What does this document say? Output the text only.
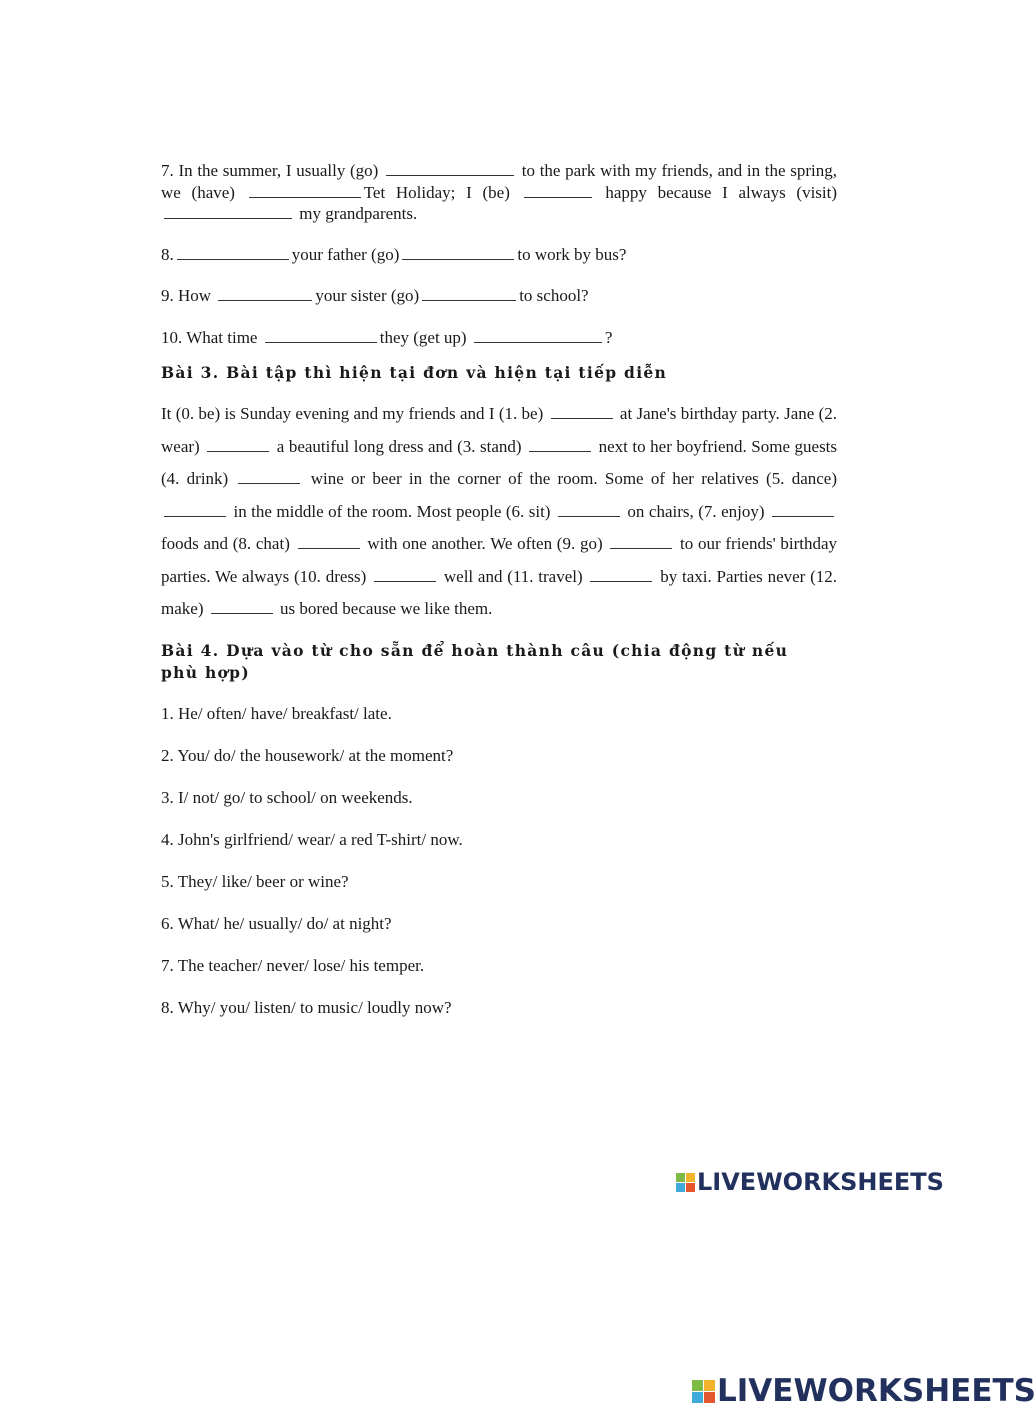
7. In the summer, I usually (go)	to the park with my friends, and in the spring, we (have)	Tet Holiday; I (be)	happy because I always (visit)  my grandparents.

8.	your father (go)	to work by bus?

9. How	your sister (go)	to school?

10. What time	they (get up)	?

Bài 3. Bài tập thì hiện tại đơn và hiện tại tiếp diễn

It (0. be) is Sunday evening and my friends and I (1. be)	at Jane's birthday party. Jane (2. wear)	a beautiful long dress and (3. stand)	next to her boyfriend. Some guests (4. drink)	wine or beer in the corner of the room. Some of her relatives (5. dance)  in the middle of the room. Most people (6. sit)	on chairs, (7. enjoy)  foods and (8. chat)	with one another. We often (9. go)	to our friends' birthday parties. We always (10. dress)	well and (11. travel)	by taxi. Parties never (12. make)	us bored because we like them.

Bài 4. Dựa vào từ cho sẵn để hoàn thành câu (chia động từ nếu phù hợp)

1. He/ often/ have/ breakfast/ late.

2. You/ do/ the housework/ at the moment?

3. I/ not/ go/ to school/ on weekends.

4. John's girlfriend/ wear/ a red T-shirt/ now.

5. They/ like/ beer or wine?

6. What/ he/ usually/ do/ at night?

7. The teacher/ never/ lose/ his temper.

8. Why/ you/ listen/ to music/ loudly now?

LIVEWORKSHEETS
LIVEWORKSHEETS
